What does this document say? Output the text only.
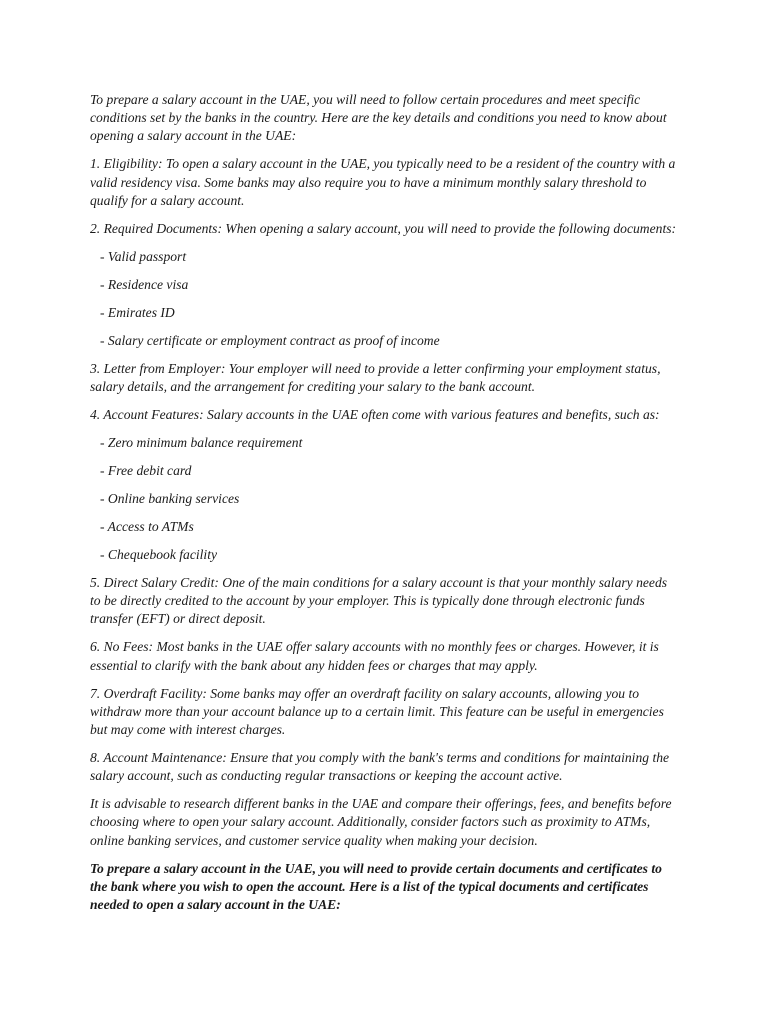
To prepare a salary account in the UAE, you will need to follow certain procedures and meet specific conditions set by the banks in the country. Here are the key details and conditions you need to know about opening a salary account in the UAE:

1. Eligibility: To open a salary account in the UAE, you typically need to be a resident of the country with a valid residency visa. Some banks may also require you to have a minimum monthly salary threshold to qualify for a salary account.

2. Required Documents: When opening a salary account, you will need to provide the following documents:

- Valid passport

- Residence visa

- Emirates ID

- Salary certificate or employment contract as proof of income

3. Letter from Employer: Your employer will need to provide a letter confirming your employment status, salary details, and the arrangement for crediting your salary to the bank account.

4. Account Features: Salary accounts in the UAE often come with various features and benefits, such as:

- Zero minimum balance requirement

- Free debit card

- Online banking services

- Access to ATMs

- Chequebook facility

5. Direct Salary Credit: One of the main conditions for a salary account is that your monthly salary needs to be directly credited to the account by your employer. This is typically done through electronic funds transfer (EFT) or direct deposit.

6. No Fees: Most banks in the UAE offer salary accounts with no monthly fees or charges. However, it is essential to clarify with the bank about any hidden fees or charges that may apply.

7. Overdraft Facility: Some banks may offer an overdraft facility on salary accounts, allowing you to withdraw more than your account balance up to a certain limit. This feature can be useful in emergencies but may come with interest charges.

8. Account Maintenance: Ensure that you comply with the bank's terms and conditions for maintaining the salary account, such as conducting regular transactions or keeping the account active.

It is advisable to research different banks in the UAE and compare their offerings, fees, and benefits before choosing where to open your salary account. Additionally, consider factors such as proximity to ATMs, online banking services, and customer service quality when making your decision.

To prepare a salary account in the UAE, you will need to provide certain documents and certificates to the bank where you wish to open the account. Here is a list of the typical documents and certificates needed to open a salary account in the UAE:
